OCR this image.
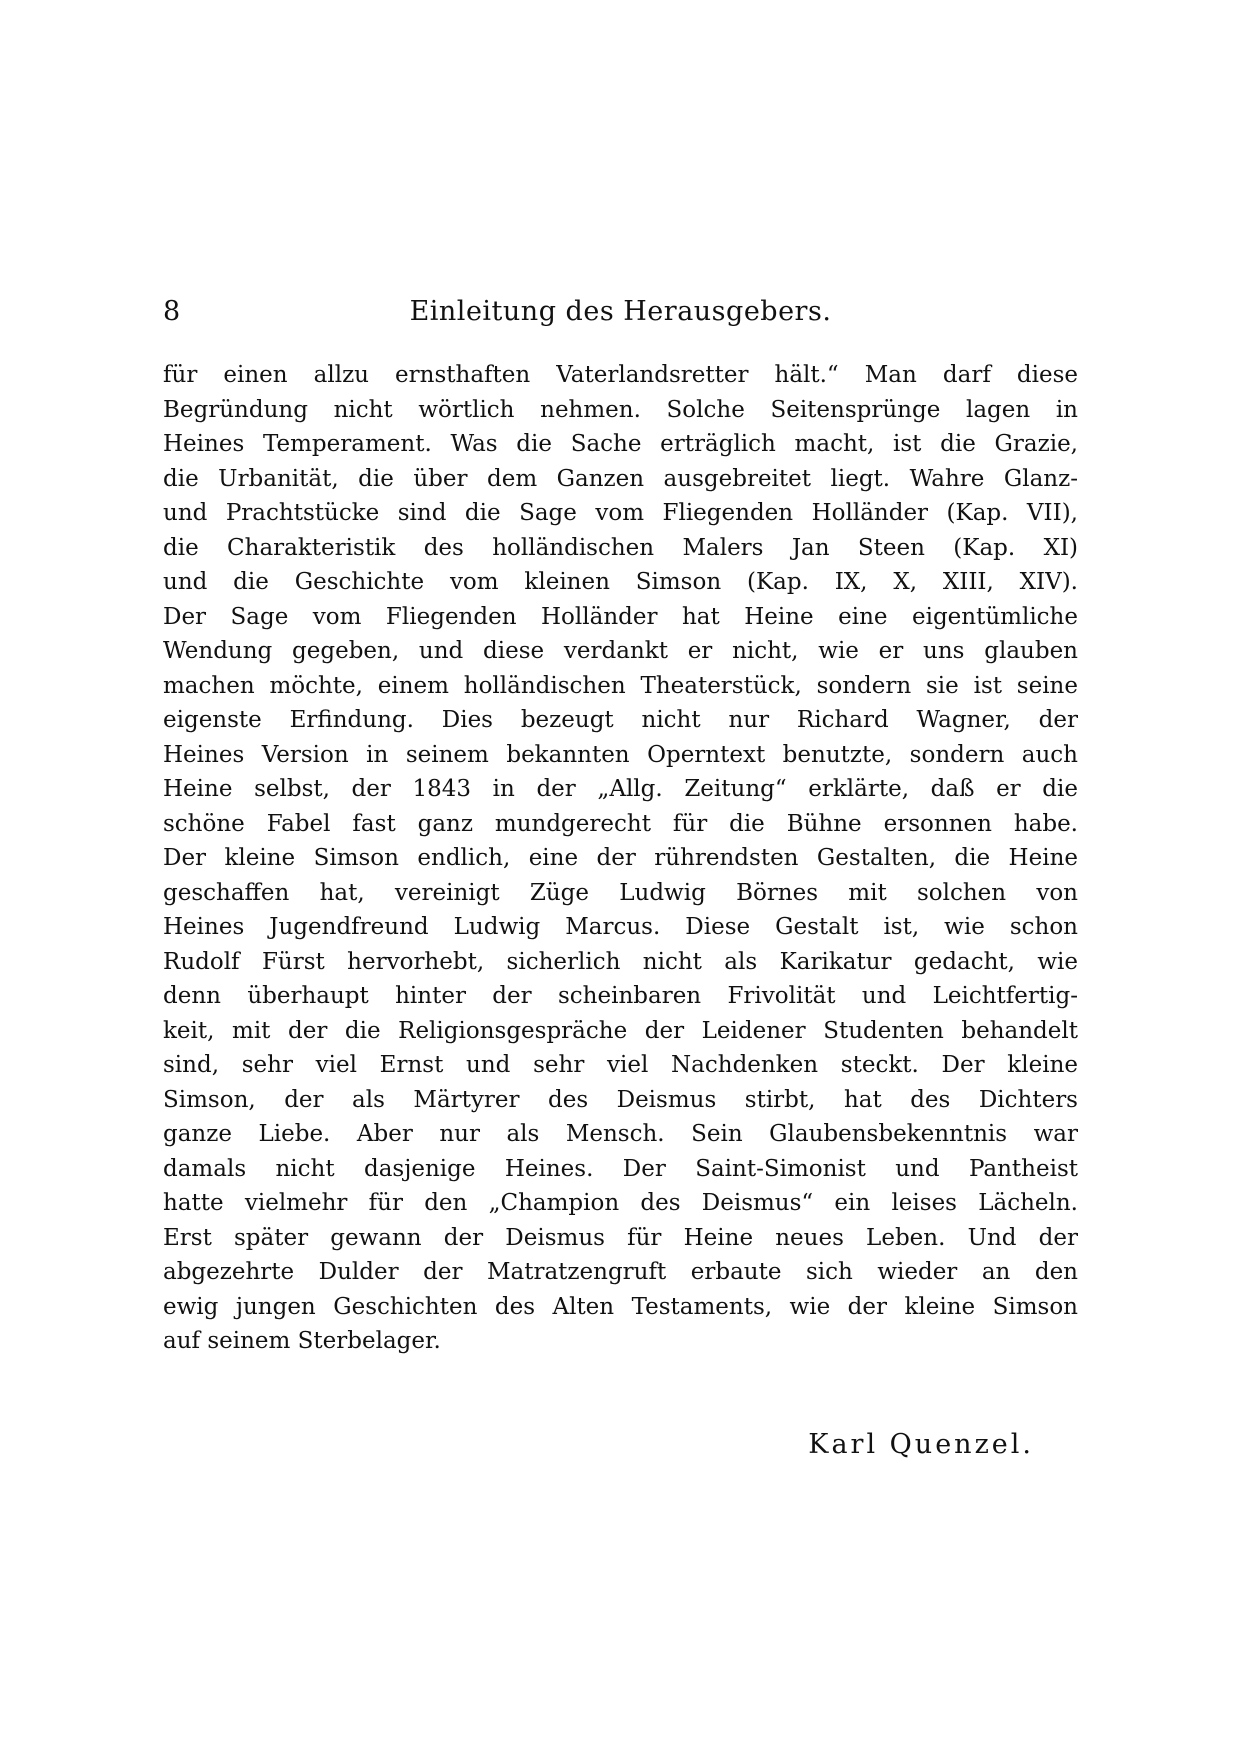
8	Einleitung des Herausgebers.
für einen allzu ernsthaften Vaterlandsretter hält.“ Man darf diese
Begründung nicht wörtlich nehmen. Solche Seitensprünge lagen in
Heines Temperament. Was die Sache erträglich macht, ist die Grazie,
die Urbanität, die über dem Ganzen ausgebreitet liegt. Wahre Glanz-
und Prachtstücke sind die Sage vom Fliegenden Holländer (Kap. VII),
die Charakteristik des holländischen Malers Jan Steen (Kap. XI)
und die Geschichte vom kleinen Simson (Kap. IX, X, XIII, XIV).
Der Sage vom Fliegenden Holländer hat Heine eine eigentümliche
Wendung gegeben, und diese verdankt er nicht, wie er uns glauben
machen möchte, einem holländischen Theaterstück, sondern sie ist seine
eigenste Erfindung. Dies bezeugt nicht nur Richard Wagner, der
Heines Version in seinem bekannten Operntext benutzte, sondern auch
Heine selbst, der 1843 in der „Allg. Zeitung“ erklärte, daß er die
schöne Fabel fast ganz mundgerecht für die Bühne ersonnen habe.
Der kleine Simson endlich, eine der rührendsten Gestalten, die Heine
geschaffen hat, vereinigt Züge Ludwig Börnes mit solchen von
Heines Jugendfreund Ludwig Marcus. Diese Gestalt ist, wie schon
Rudolf Fürst hervorhebt, sicherlich nicht als Karikatur gedacht, wie
denn überhaupt hinter der scheinbaren Frivolität und Leichtfertig-
keit, mit der die Religionsgespräche der Leidener Studenten behandelt
sind, sehr viel Ernst und sehr viel Nachdenken steckt. Der kleine
Simson, der als Märtyrer des Deismus stirbt, hat des Dichters
ganze Liebe. Aber nur als Mensch. Sein Glaubensbekenntnis war
damals nicht dasjenige Heines. Der Saint-Simonist und Pantheist
hatte vielmehr für den „Champion des Deismus“ ein leises Lächeln.
Erst später gewann der Deismus für Heine neues Leben. Und der
abgezehrte Dulder der Matratzengruft erbaute sich wieder an den
ewig jungen Geschichten des Alten Testaments, wie der kleine Simson
auf seinem Sterbelager.
Karl Quenzel.
